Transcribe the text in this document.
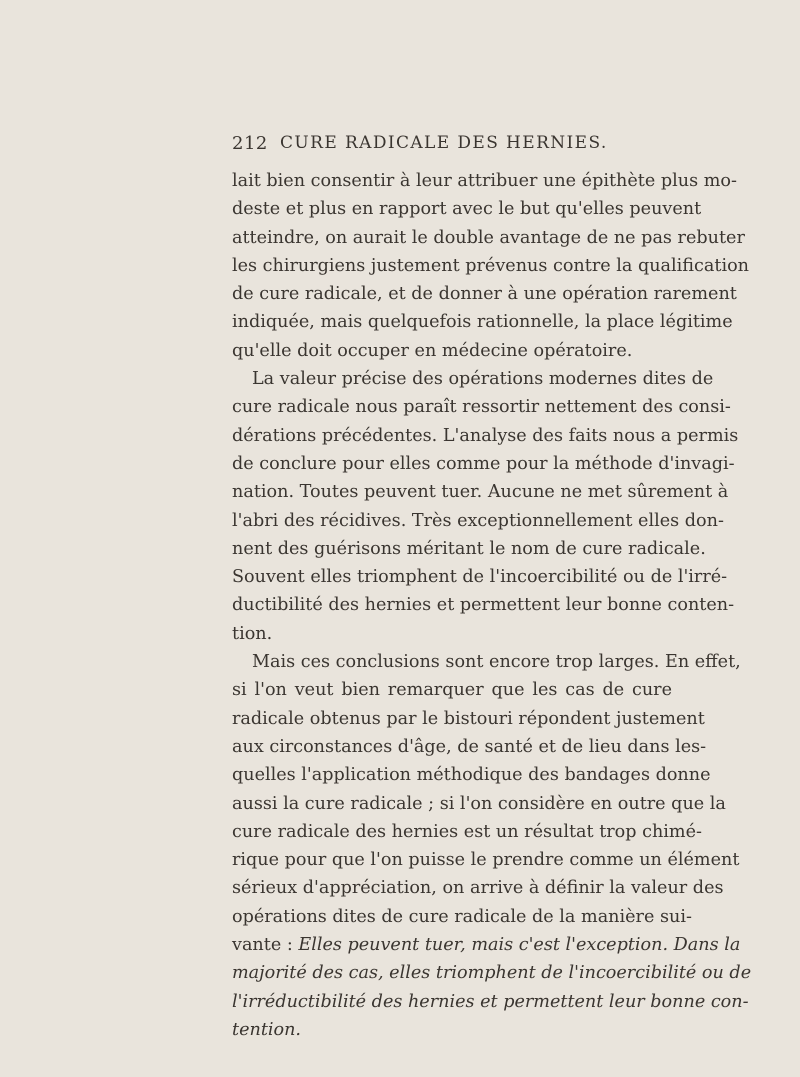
212 CURE RADICALE DES HERNIES.
lait bien consentir à leur attribuer une épithète plus mo-
deste et plus en rapport avec le but qu'elles peuvent
atteindre, on aurait le double avantage de ne pas rebuter
les chirurgiens justement prévenus contre la qualification
de cure radicale, et de donner à une opération rarement
indiquée, mais quelquefois rationnelle, la place légitime
qu'elle doit occuper en médecine opératoire.
La valeur précise des opérations modernes dites de
cure radicale nous paraît ressortir nettement des consi-
dérations précédentes. L'analyse des faits nous a permis
de conclure pour elles comme pour la méthode d'invagi-
nation. Toutes peuvent tuer. Aucune ne met sûrement à
l'abri des récidives. Très exceptionnellement elles don-
nent des guérisons méritant le nom de cure radicale.
Souvent elles triomphent de l'incoercibilité ou de l'irré-
ductibilité des hernies et permettent leur bonne conten-
tion.
Mais ces conclusions sont encore trop larges. En effet,
si l'on veut bien remarquer que les cas de cure
radicale obtenus par le bistouri répondent justement
aux circonstances d'âge, de santé et de lieu dans les-
quelles l'application méthodique des bandages donne
aussi la cure radicale ; si l'on considère en outre que la
cure radicale des hernies est un résultat trop chimé-
rique pour que l'on puisse le prendre comme un élément
sérieux d'appréciation, on arrive à définir la valeur des
opérations dites de cure radicale de la manière sui-
vante : Elles peuvent tuer, mais c'est l'exception. Dans la
majorité des cas, elles triomphent de l'incoercibilité ou de
l'irréductibilité des hernies et permettent leur bonne con-
tention.
